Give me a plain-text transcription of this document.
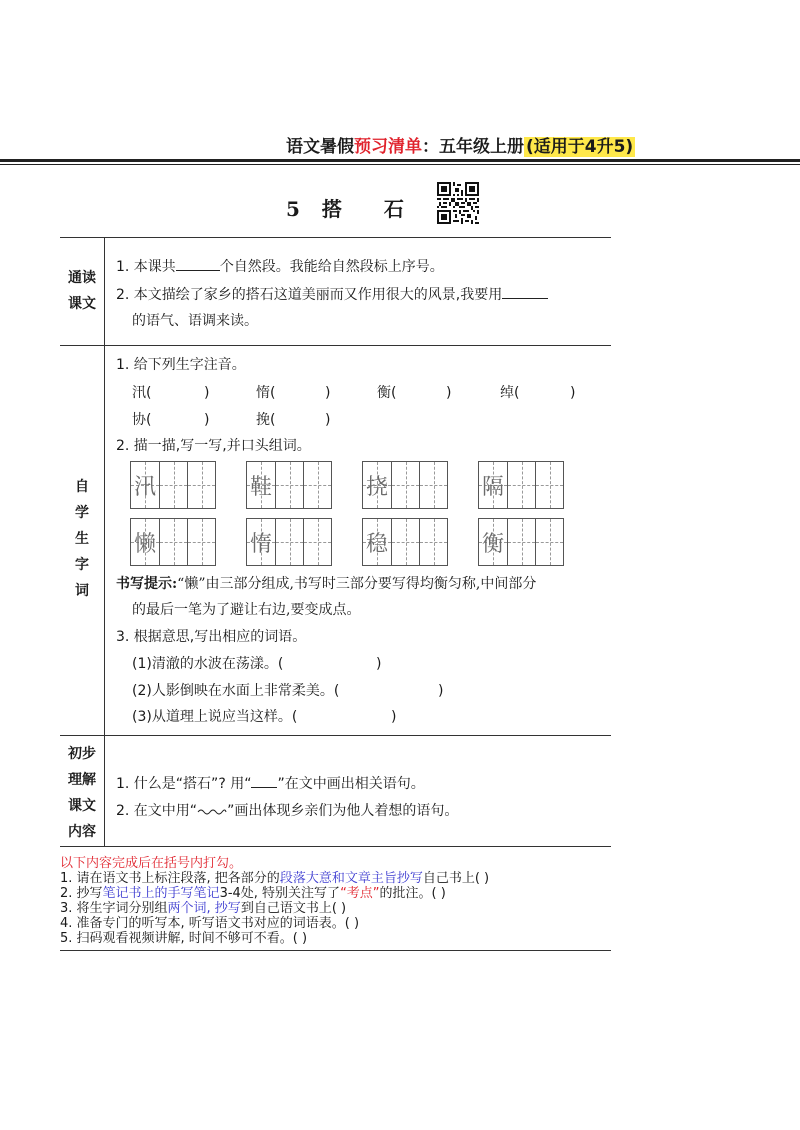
语文暑假预习清单：五年级上册 (适用于4升5)
5 搭 石
通读
课文
1. 本课共	个自然段。我能给自然段标上序号。
2. 本文描绘了家乡的搭石这道美丽而又作用很大的风景,我要用
的语气、语调来读。
自
学
生
字
词
1. 给下列生字注音。
汛(	)	惰(	)	衡(	)	绰(	)
协(	)	挽(	)
2. 描一描,写一写,并口头组词。
汛	鞋	挠	隔
懒	惰	稳	衡
书写提示:“懒”由三部分组成,书写时三部分要写得均衡匀称,中间部分
的最后一笔为了避让右边,要变成点。
3. 根据意思,写出相应的词语。
(1)清澈的水波在荡漾。(	)
(2)人影倒映在水面上非常柔美。(	)
(3)从道理上说应当这样。(	)
初步
理解
课文
内容
1. 什么是“搭石”? 用“ ”在文中画出相关语句。
2. 在文中用“ ”画出体现乡亲们为他人着想的语句。
以下内容完成后在括号内打勾。
1. 请在语文书上标注段落, 把各部分的段落大意和文章主旨抄写自己书上( )
2. 抄写笔记书上的手写笔记3-4处, 特别关注写了“考点”的批注。( )
3. 将生字词分别组两个词, 抄写到自己语文书上( )
4. 准备专门的听写本, 听写语文书对应的词语表。( )
5. 扫码观看视频讲解, 时间不够可不看。( )
